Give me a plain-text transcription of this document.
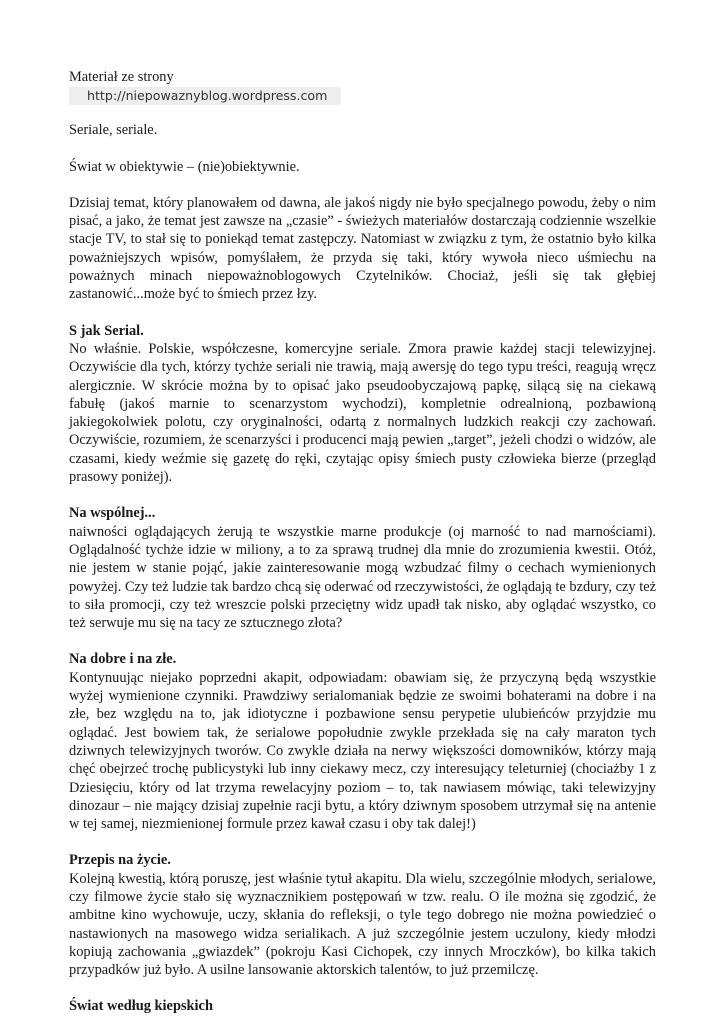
Materiał ze strony
http://niepowaznyblog.wordpress.com

Seriale, seriale.

Świat w obiektywie – (nie)obiektywnie.

Dzisiaj temat, który planowałem od dawna, ale jakoś nigdy nie było specjalnego powodu, żeby o nim pisać, a jako, że temat jest zawsze na „czasie” - świeżych materiałów dostarczają codziennie wszelkie stacje TV, to stał się to poniekąd temat zastępczy. Natomiast w związku z tym, że ostatnio było kilka poważniejszych wpisów, pomyślałem, że przyda się taki, który wywoła nieco uśmiechu na poważnych minach niepoważnoblogowych Czytelników. Chociaż, jeśli się tak głębiej zastanowić...może być to śmiech przez łzy.

S jak Serial.

No właśnie. Polskie, współczesne, komercyjne seriale. Zmora prawie każdej stacji telewizyjnej. Oczywiście dla tych, którzy tychże seriali nie trawią, mają awersję do tego typu treści, reagują wręcz alergicznie. W skrócie można by to opisać jako pseudoobyczajową papkę, silącą się na ciekawą fabułę (jakoś marnie to scenarzystom wychodzi), kompletnie odrealnioną, pozbawioną jakiegokolwiek polotu, czy oryginalności, odartą z normalnych ludzkich reakcji czy zachowań. Oczywiście, rozumiem, że scenarzyści i producenci mają pewien „target”, jeżeli chodzi o widzów, ale czasami, kiedy weźmie się gazetę do ręki, czytając opisy śmiech pusty człowieka bierze (przegląd prasowy poniżej).

Na wspólnej...

naiwności oglądających żerują te wszystkie marne produkcje (oj marność to nad marnościami). Oglądalność tychże idzie w miliony, a to za sprawą trudnej dla mnie do zrozumienia kwestii. Otóż, nie jestem w stanie pojąć, jakie zainteresowanie mogą wzbudzać filmy o cechach wymienionych powyżej. Czy też ludzie tak bardzo chcą się oderwać od rzeczywistości, że oglądają te bzdury, czy też to siła promocji, czy też wreszcie polski przeciętny widz upadł tak nisko, aby oglądać wszystko, co też serwuje mu się na tacy ze sztucznego złota?

Na dobre i na złe.

Kontynuując niejako poprzedni akapit, odpowiadam: obawiam się, że przyczyną będą wszystkie wyżej wymienione czynniki. Prawdziwy serialomaniak będzie ze swoimi bohaterami na dobre i na złe, bez względu na to, jak idiotyczne i pozbawione sensu perypetie ulubieńców przyjdzie mu oglądać. Jest bowiem tak, że serialowe popołudnie zwykle przekłada się na cały maraton tych dziwnych telewizyjnych tworów. Co zwykle działa na nerwy większości domowników, którzy mają chęć obejrzeć trochę publicystyki lub inny ciekawy mecz, czy interesujący teleturniej (chociażby 1 z Dziesięciu, który od lat trzyma rewelacyjny poziom – to, tak nawiasem mówiąc, taki telewizyjny dinozaur – nie mający dzisiaj zupełnie racji bytu, a który dziwnym sposobem utrzymał się na antenie w tej samej, niezmienionej formule przez kawał czasu i oby tak dalej!)

Przepis na życie.

Kolejną kwestią, którą poruszę, jest właśnie tytuł akapitu. Dla wielu, szczególnie młodych, serialowe, czy filmowe życie stało się wyznacznikiem postępowań w tzw. realu. O ile można się zgodzić, że ambitne kino wychowuje, uczy, skłania do refleksji, o tyle tego dobrego nie można powiedzieć o nastawionych na masowego widza serialikach. A już szczególnie jestem uczulony, kiedy młodzi kopiują zachowania „gwiazdek” (pokroju Kasi Cichopek, czy innych Mroczków), bo kilka takich przypadków już było. A usilne lansowanie aktorskich talentów, to już przemilczę.

Świat według kiepskich
